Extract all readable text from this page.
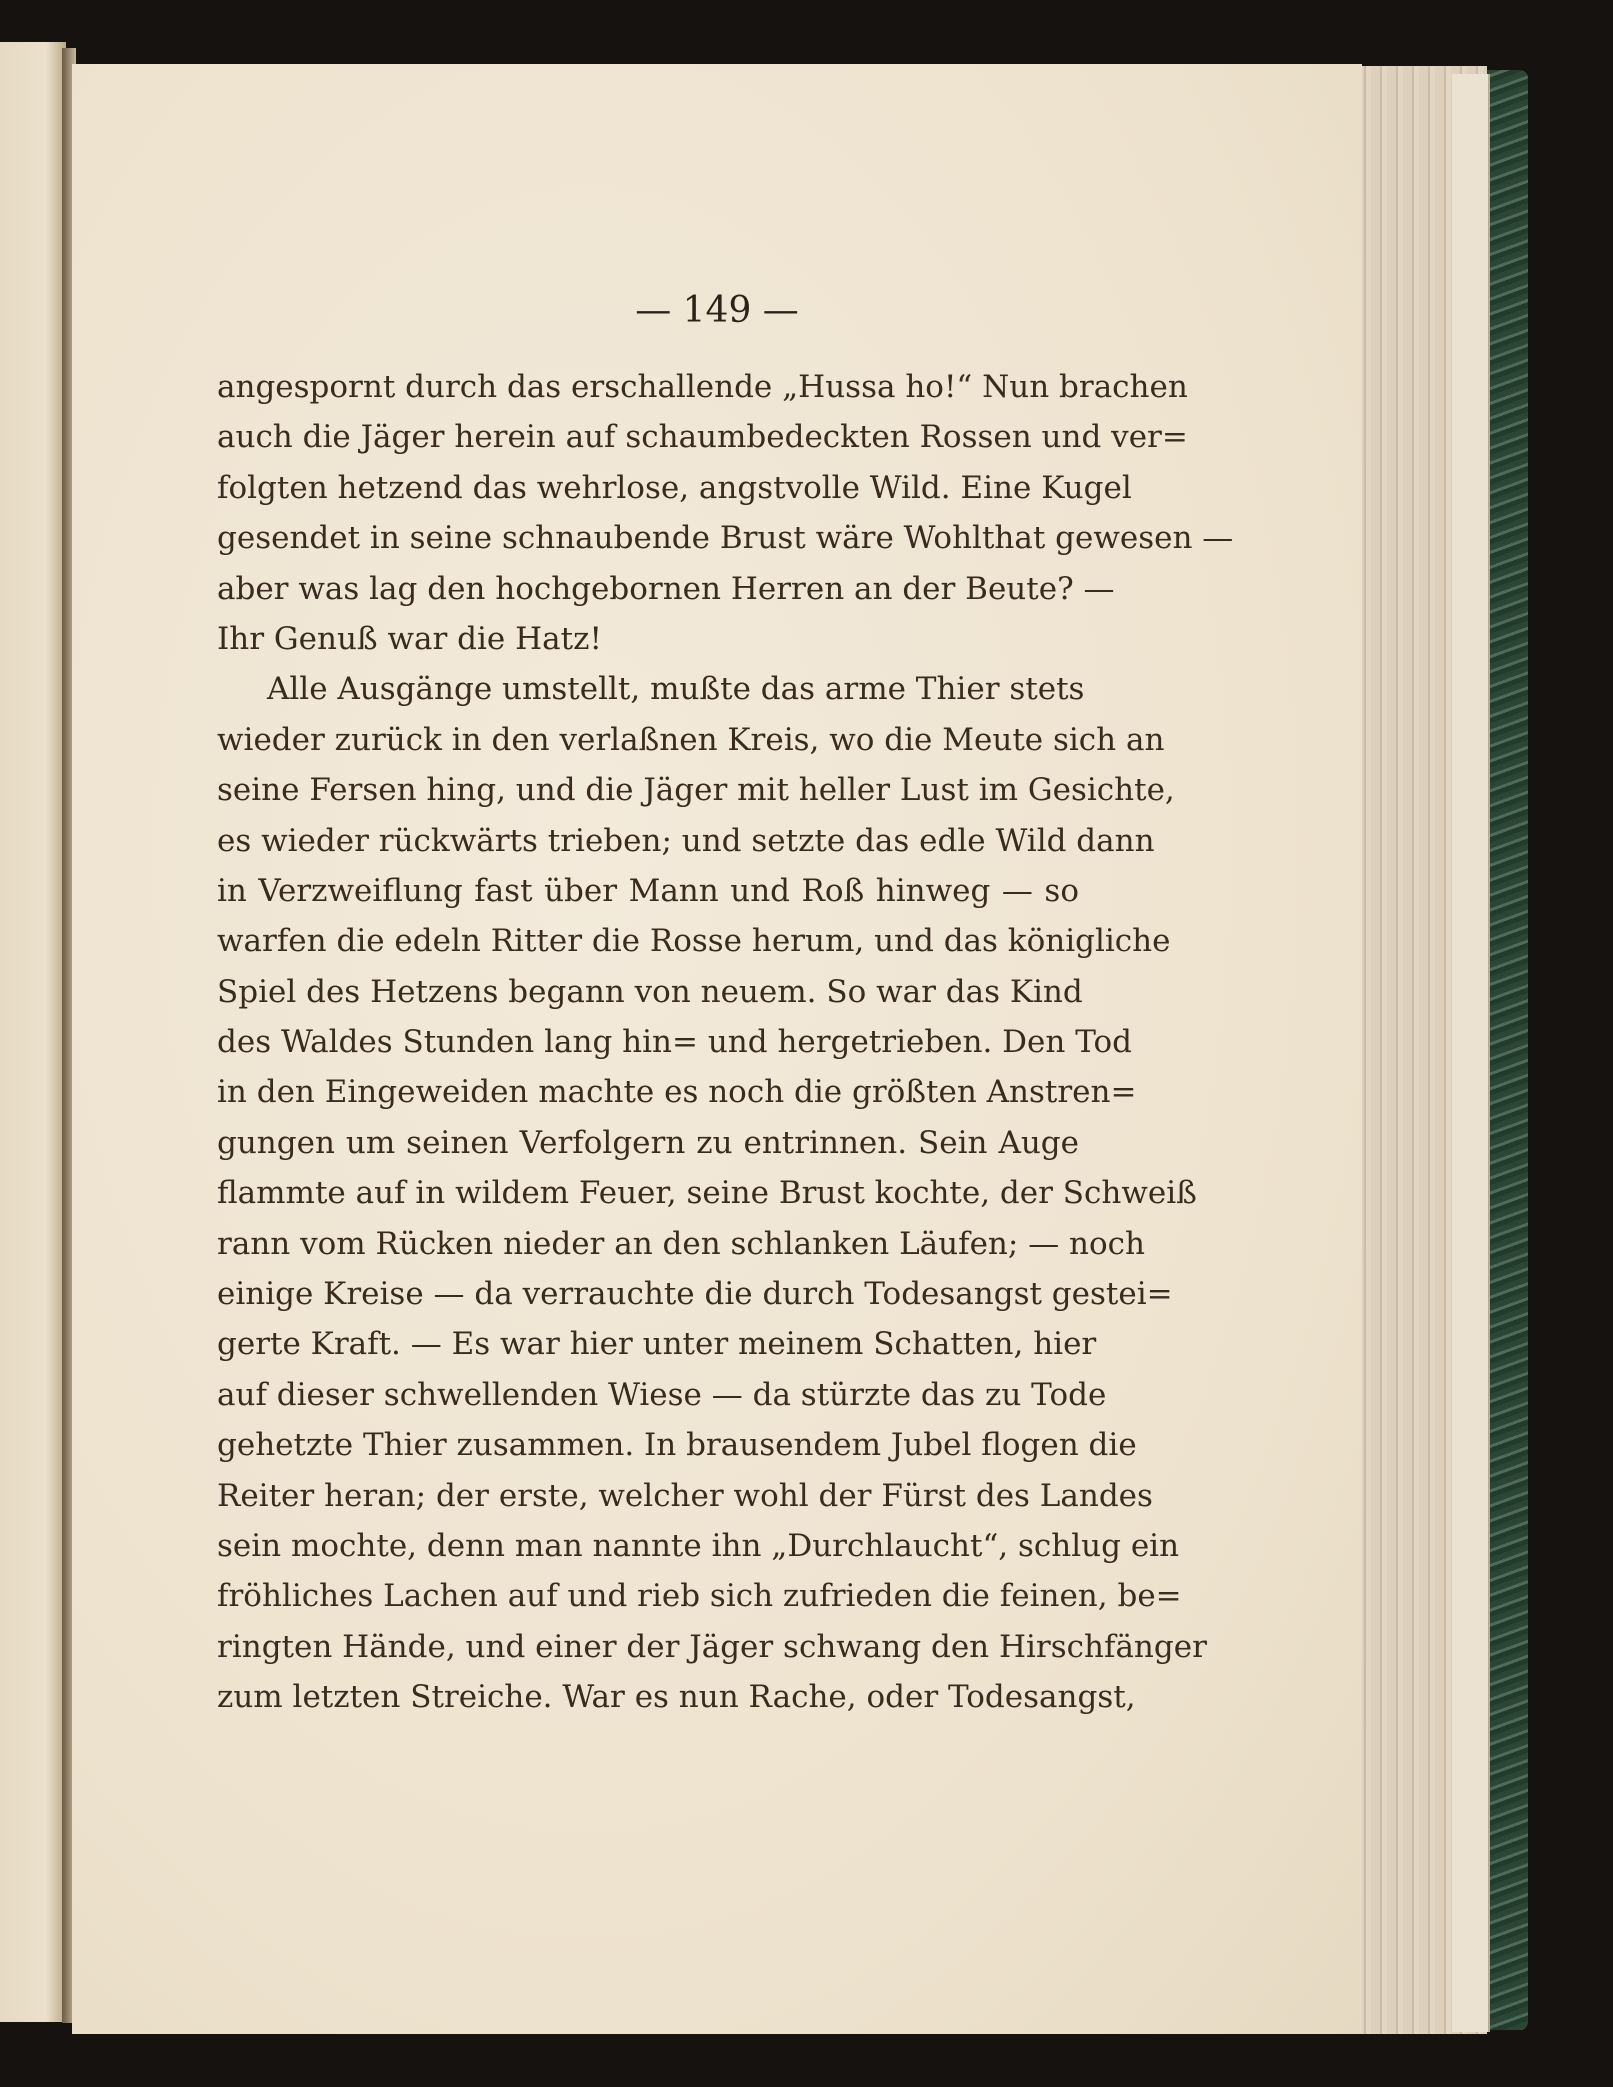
— 149 —
angespornt durch das erschallende „Hussa ho!“ Nun brachen
auch die Jäger herein auf schaumbedeckten Rossen und ver=
folgten hetzend das wehrlose, angstvolle Wild. Eine Kugel
gesendet in seine schnaubende Brust wäre Wohlthat gewesen —
aber was lag den hochgebornen Herren an der Beute? —
Ihr Genuß war die Hatz!
Alle Ausgänge umstellt, mußte das arme Thier stets
wieder zurück in den verlaßnen Kreis, wo die Meute sich an
seine Fersen hing, und die Jäger mit heller Lust im Gesichte,
es wieder rückwärts trieben; und setzte das edle Wild dann
in Verzweiflung fast über Mann und Roß hinweg — so
warfen die edeln Ritter die Rosse herum, und das königliche
Spiel des Hetzens begann von neuem. So war das Kind
des Waldes Stunden lang hin= und hergetrieben. Den Tod
in den Eingeweiden machte es noch die größten Anstren=
gungen um seinen Verfolgern zu entrinnen. Sein Auge
flammte auf in wildem Feuer, seine Brust kochte, der Schweiß
rann vom Rücken nieder an den schlanken Läufen; — noch
einige Kreise — da verrauchte die durch Todesangst gestei=
gerte Kraft. — Es war hier unter meinem Schatten, hier
auf dieser schwellenden Wiese — da stürzte das zu Tode
gehetzte Thier zusammen. In brausendem Jubel flogen die
Reiter heran; der erste, welcher wohl der Fürst des Landes
sein mochte, denn man nannte ihn „Durchlaucht“, schlug ein
fröhliches Lachen auf und rieb sich zufrieden die feinen, be=
ringten Hände, und einer der Jäger schwang den Hirschfänger
zum letzten Streiche. War es nun Rache, oder Todesangst,
